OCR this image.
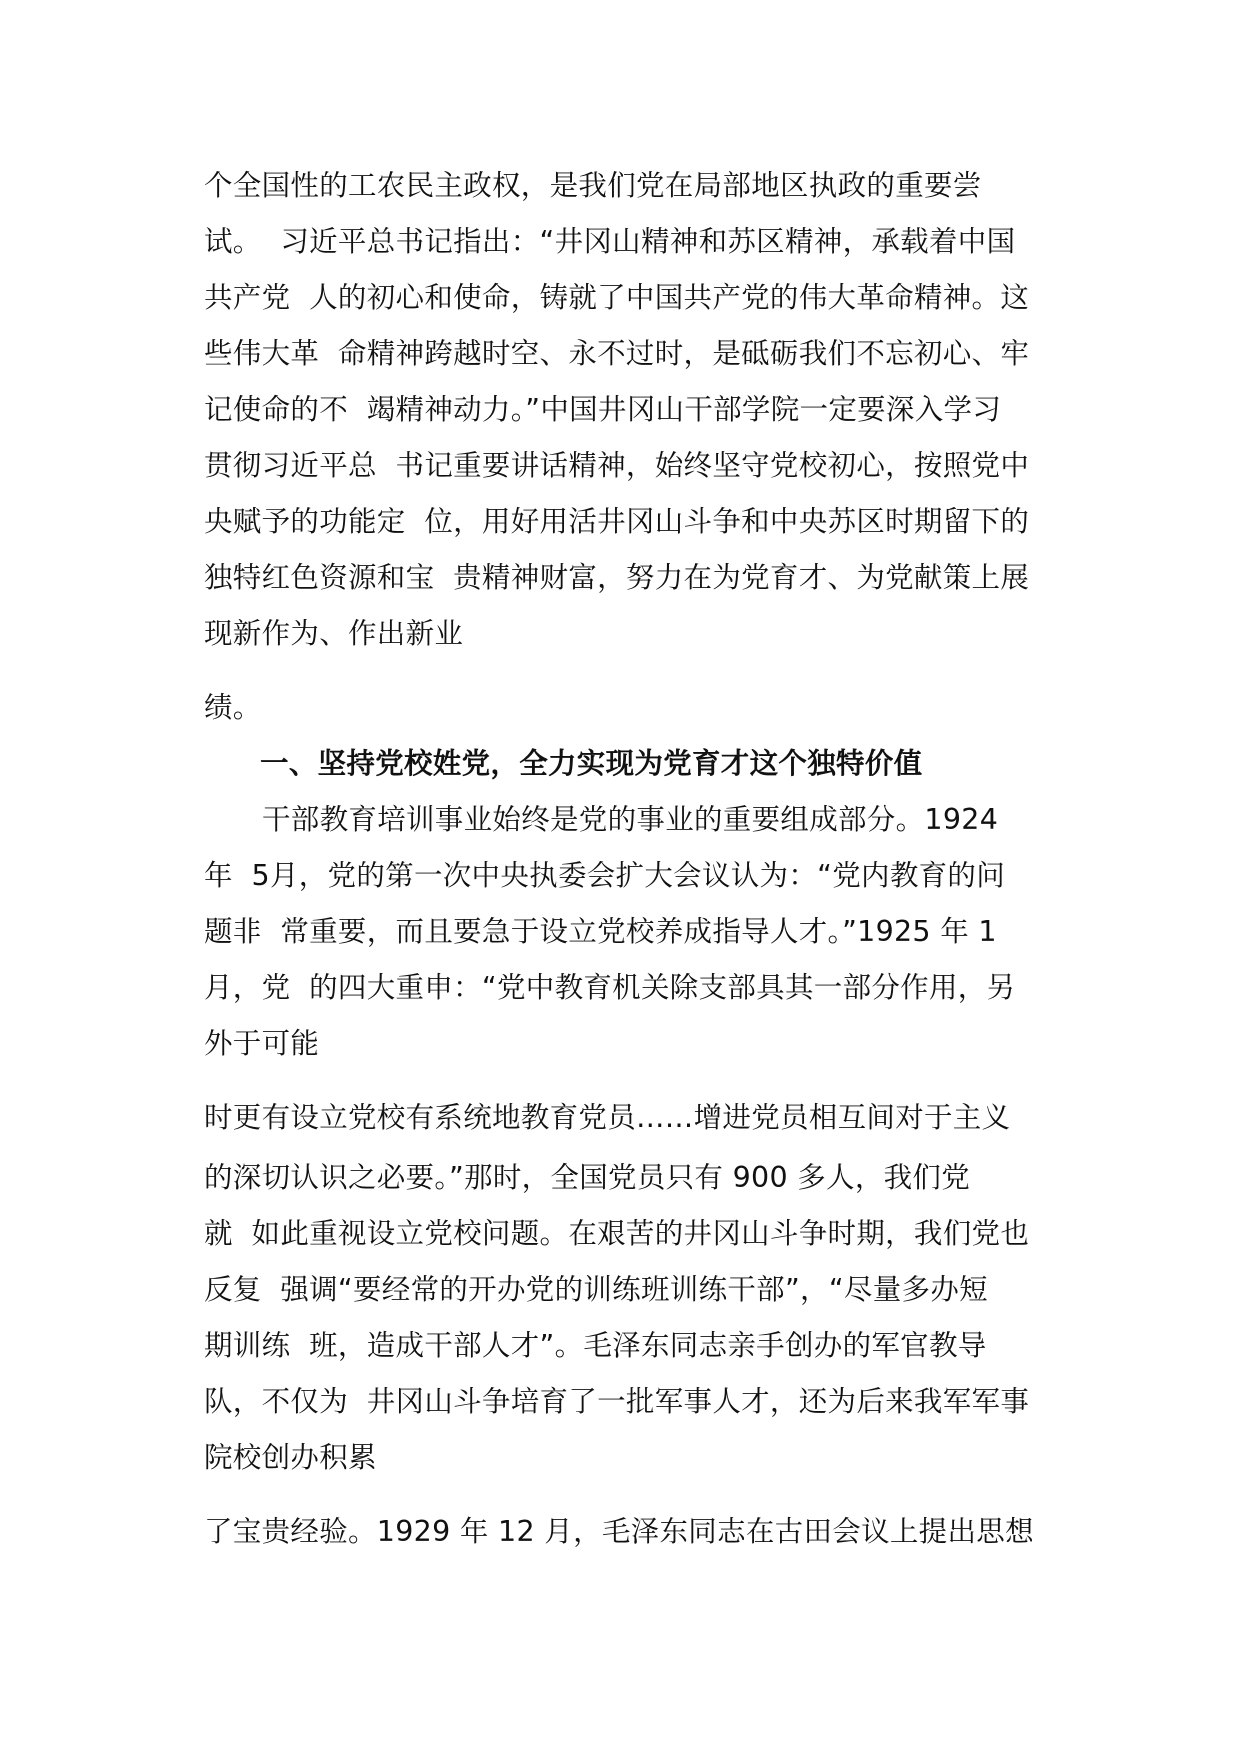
个全国性的工农民主政权，是我们党在局部地区执政的重要尝
试。  习近平总书记指出：“井冈山精神和苏区精神，承载着中国
共产党  人的初心和使命，铸就了中国共产党的伟大革命精神。这
些伟大革  命精神跨越时空、永不过时，是砥砺我们不忘初心、牢
记使命的不  竭精神动力。”中国井冈山干部学院一定要深入学习
贯彻习近平总  书记重要讲话精神，始终坚守党校初心，按照党中
央赋予的功能定  位，用好用活井冈山斗争和中央苏区时期留下的
独特红色资源和宝  贵精神财富，努力在为党育才、为党献策上展
现新作为、作出新业
绩。
一、坚持党校姓党，全力实现为党育才这个独特价值
干部教育培训事业始终是党的事业的重要组成部分。1924
年  5月，党的第一次中央执委会扩大会议认为：“党内教育的问
题非  常重要，而且要急于设立党校养成指导人才。”1925 年 1
月，党  的四大重申：“党中教育机关除支部具其一部分作用，另
外于可能
时更有设立党校有系统地教育党员……增进党员相互间对于主义
的深切认识之必要。”那时，全国党员只有 900 多人，我们党
就  如此重视设立党校问题。在艰苦的井冈山斗争时期，我们党也
反复  强调“要经常的开办党的训练班训练干部”，“尽量多办短
期训练  班，造成干部人才”。毛泽东同志亲手创办的军官教导
队，不仅为  井冈山斗争培育了一批军事人才，还为后来我军军事
院校创办积累
了宝贵经验。1929 年 12 月，毛泽东同志在古田会议上提出思想
